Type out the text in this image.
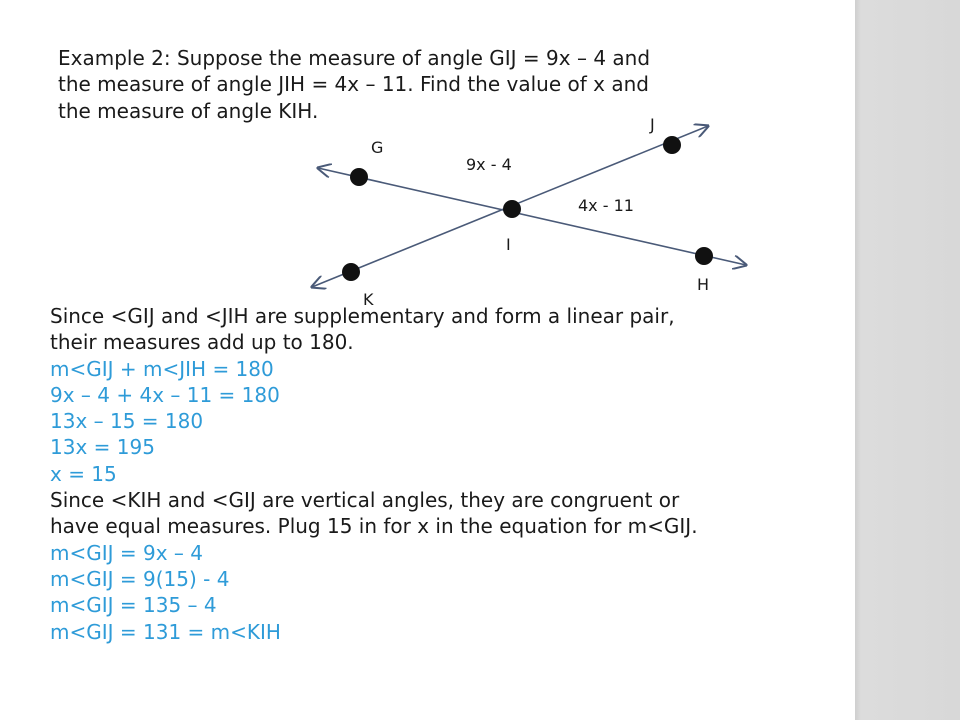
Example 2: Suppose the measure of angle GIJ = 9x – 4 and
the measure of angle JIH = 4x – 11. Find the value of x and
the measure of angle KIH.
G
J
I
K
H
9x - 4
4x - 11
Since <GIJ and <JIH are supplementary and form a linear pair,
their measures add up to 180.
m<GIJ + m<JIH = 180
9x – 4 + 4x – 11 = 180
13x – 15 = 180
13x = 195
x = 15
Since <KIH and <GIJ are vertical angles, they are congruent or
have equal measures. Plug 15 in for x in the equation for m<GIJ.
m<GIJ = 9x – 4
m<GIJ = 9(15) - 4
m<GIJ = 135 – 4
m<GIJ = 131 = m<KIH
